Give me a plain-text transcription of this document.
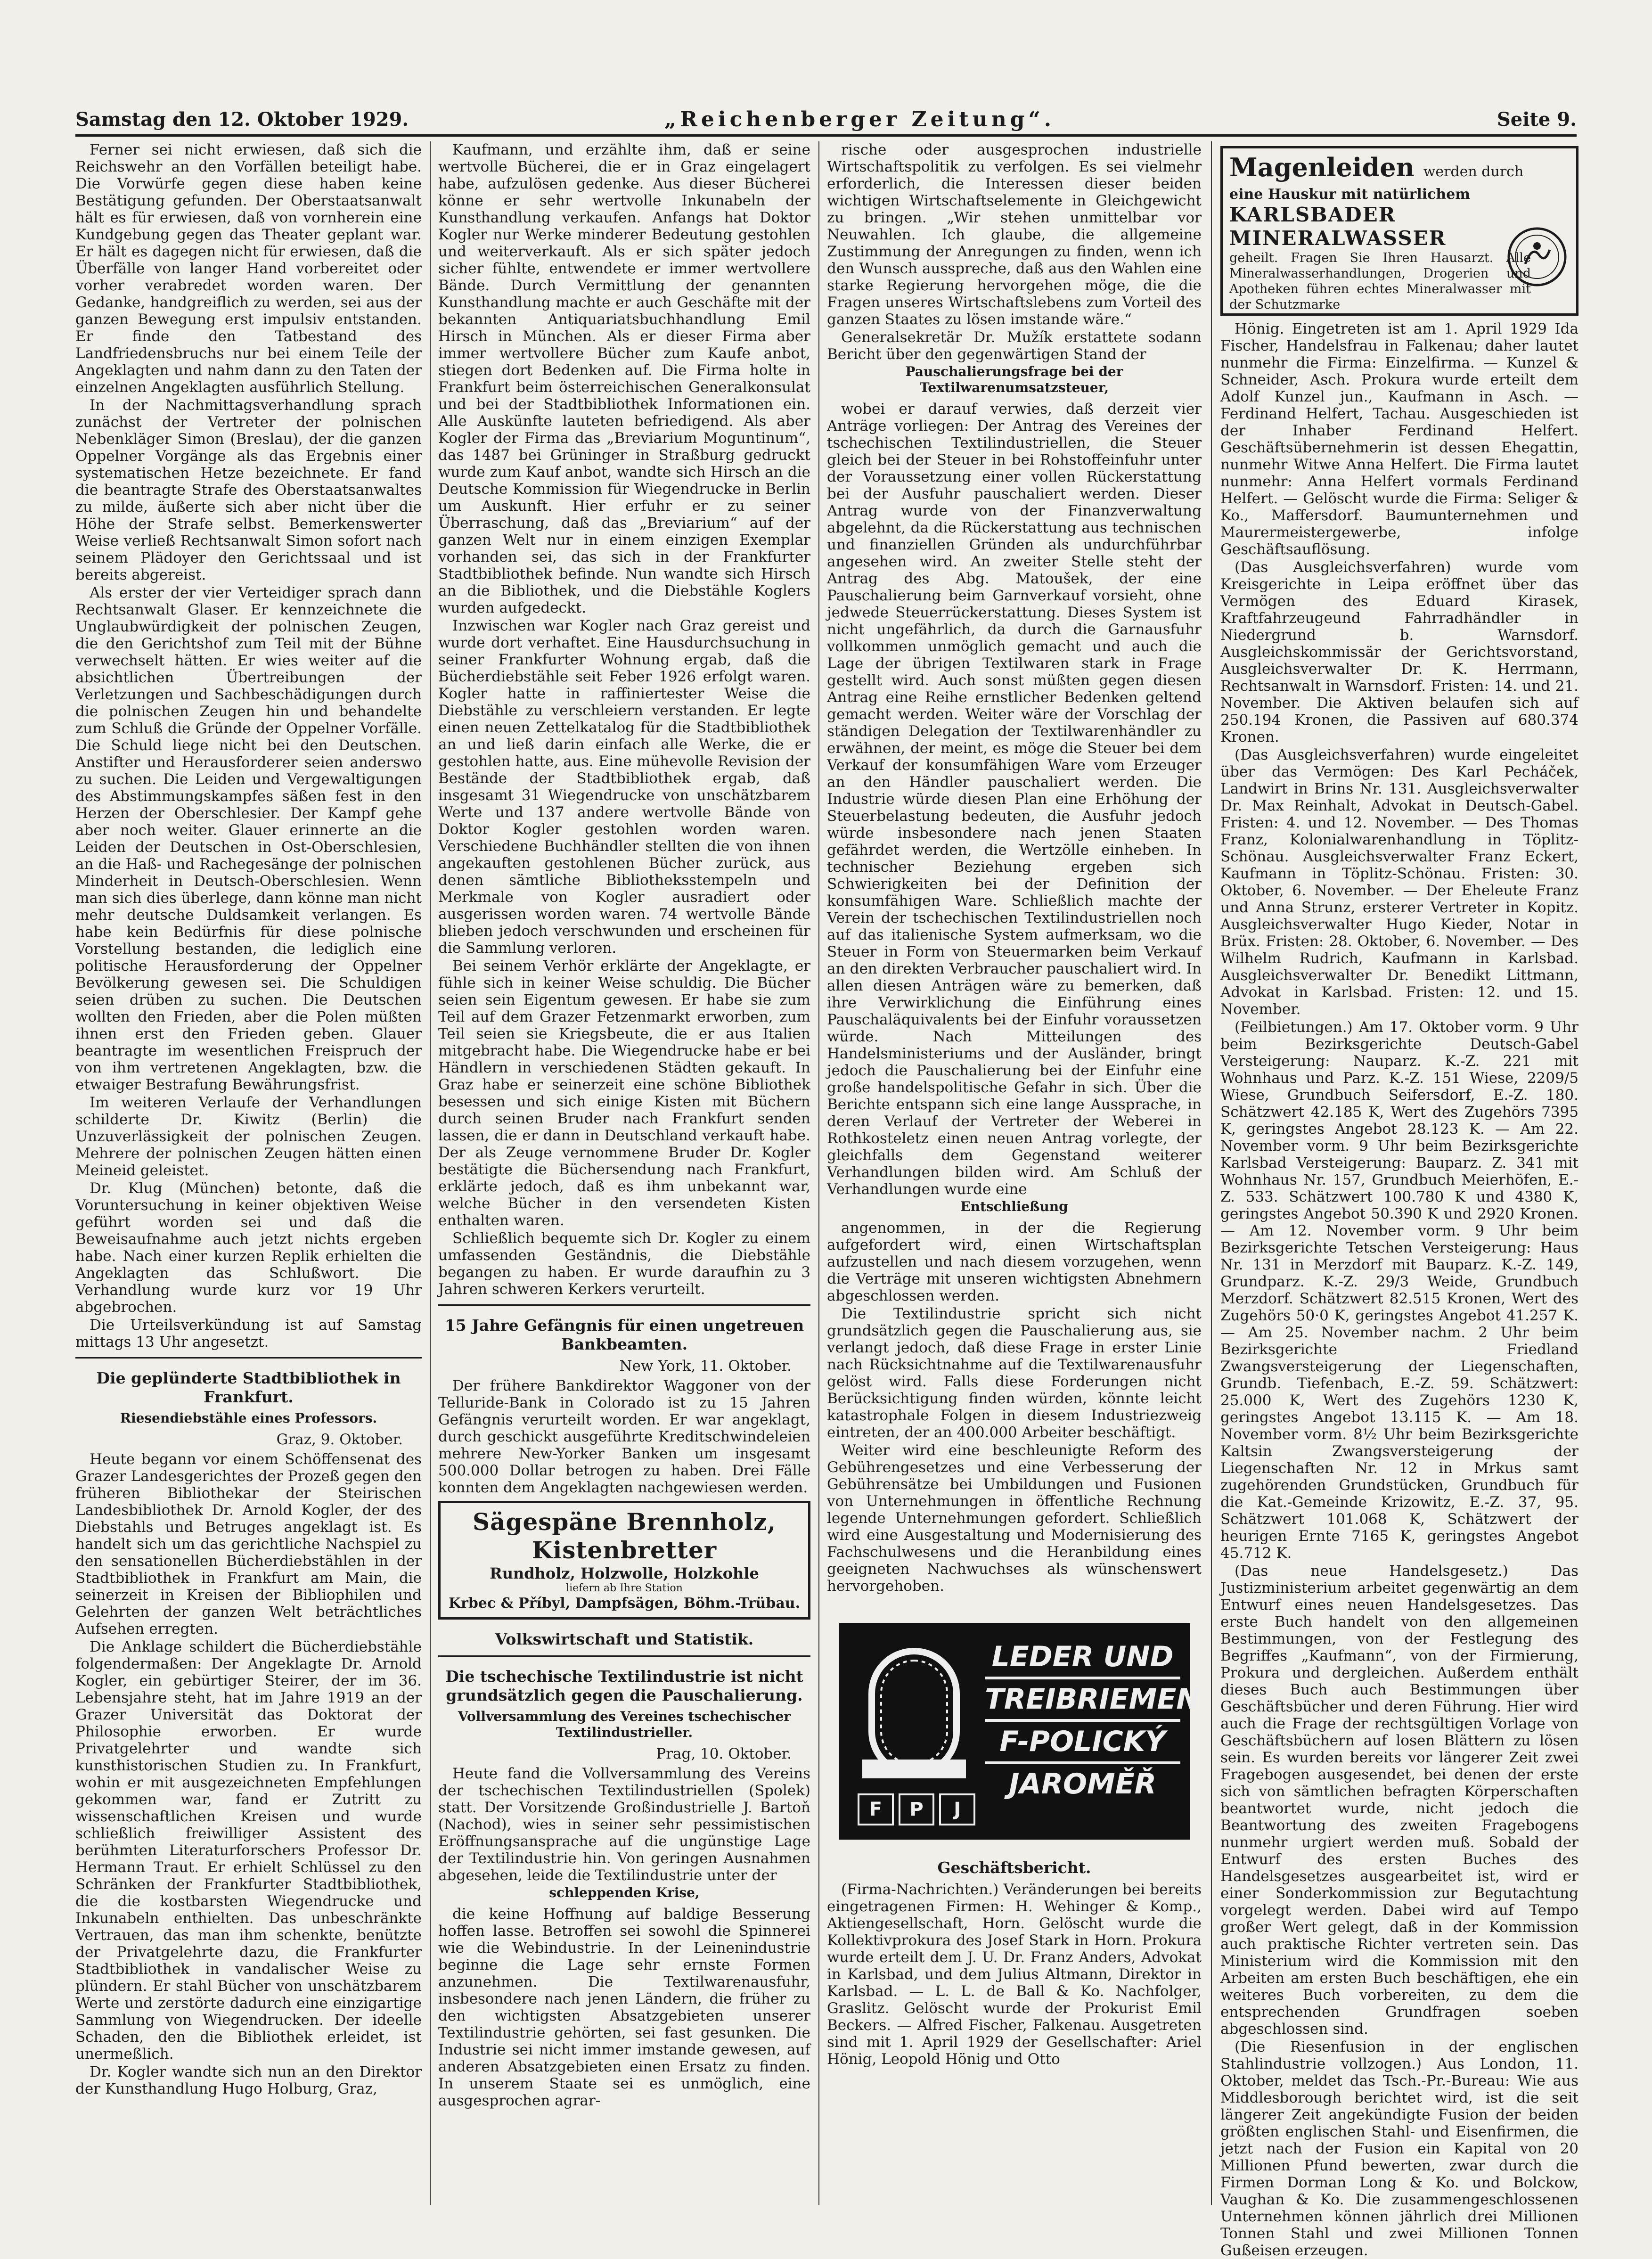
Samstag den 12. Oktober 1929.	„Reichenberger Zeitung“.	Seite 9.

Ferner sei nicht erwiesen, daß sich die Reichswehr an den Vorfällen beteiligt habe. Die Vorwürfe gegen diese haben keine Bestätigung gefunden. Der Oberstaatsanwalt hält es für erwiesen, daß von vornherein eine Kundgebung gegen das Theater geplant war. Er hält es dagegen nicht für erwiesen, daß die Überfälle von langer Hand vorbereitet oder vorher verabredet worden waren. Der Gedanke, handgreiflich zu werden, sei aus der ganzen Bewegung erst impulsiv entstanden. Er finde den Tatbestand des Landfriedensbruchs nur bei einem Teile der Angeklagten und nahm dann zu den Taten der einzelnen Angeklagten ausführlich Stellung.

In der Nachmittagsverhandlung sprach zunächst der Vertreter der polnischen Nebenkläger Simon (Breslau), der die ganzen Oppelner Vorgänge als das Ergebnis einer systematischen Hetze bezeichnete. Er fand die beantragte Strafe des Oberstaatsanwaltes zu milde, äußerte sich aber nicht über die Höhe der Strafe selbst. Bemerkenswerter Weise verließ Rechtsanwalt Simon sofort nach seinem Plädoyer den Gerichtssaal und ist bereits abgereist.

Als erster der vier Verteidiger sprach dann Rechtsanwalt Glaser. Er kennzeichnete die Unglaubwürdigkeit der polnischen Zeugen, die den Gerichtshof zum Teil mit der Bühne verwechselt hätten. Er wies weiter auf die absichtlichen Übertreibungen der Verletzungen und Sachbeschädigungen durch die polnischen Zeugen hin und behandelte zum Schluß die Gründe der Oppelner Vorfälle. Die Schuld liege nicht bei den Deutschen. Anstifter und Herausforderer seien anderswo zu suchen. Die Leiden und Vergewaltigungen des Abstimmungskampfes säßen fest in den Herzen der Oberschlesier. Der Kampf gehe aber noch weiter. Glauer erinnerte an die Leiden der Deutschen in Ost-Oberschlesien, an die Haß- und Rachegesänge der polnischen Minderheit in Deutsch-Oberschlesien. Wenn man sich dies überlege, dann könne man nicht mehr deutsche Duldsamkeit verlangen. Es habe kein Bedürfnis für diese polnische Vorstellung bestanden, die lediglich eine politische Herausforderung der Oppelner Bevölkerung gewesen sei. Die Schuldigen seien drüben zu suchen. Die Deutschen wollten den Frieden, aber die Polen müßten ihnen erst den Frieden geben. Glauer beantragte im wesentlichen Freispruch der von ihm vertretenen Angeklagten, bzw. die etwaiger Bestrafung Bewährungsfrist.

Im weiteren Verlaufe der Verhandlungen schilderte Dr. Kiwitz (Berlin) die Unzuverlässigkeit der polnischen Zeugen. Mehrere der polnischen Zeugen hätten einen Meineid geleistet.

Dr. Klug (München) betonte, daß die Voruntersuchung in keiner objektiven Weise geführt worden sei und daß die Beweisaufnahme auch jetzt nichts ergeben habe. Nach einer kurzen Replik erhielten die Angeklagten das Schlußwort. Die Verhandlung wurde kurz vor 19 Uhr abgebrochen.

Die Urteilsverkündung ist auf Samstag mittags 13 Uhr angesetzt.

Die geplünderte Stadtbibliothek in Frankfurt.
Riesendiebstähle eines Professors.
Graz, 9. Oktober.

Heute begann vor einem Schöffensenat des Grazer Landesgerichtes der Prozeß gegen den früheren Bibliothekar der Steirischen Landesbibliothek Dr. Arnold Kogler, der des Diebstahls und Betruges angeklagt ist. Es handelt sich um das gerichtliche Nachspiel zu den sensationellen Bücherdiebstählen in der Stadtbibliothek in Frankfurt am Main, die seinerzeit in Kreisen der Bibliophilen und Gelehrten der ganzen Welt beträchtliches Aufsehen erregten.

Die Anklage schildert die Bücherdiebstähle folgendermaßen: Der Angeklagte Dr. Arnold Kogler, ein gebürtiger Steirer, der im 36. Lebensjahre steht, hat im Jahre 1919 an der Grazer Universität das Doktorat der Philosophie erworben. Er wurde Privatgelehrter und wandte sich kunsthistorischen Studien zu. In Frankfurt, wohin er mit ausgezeichneten Empfehlungen gekommen war, fand er Zutritt zu wissenschaftlichen Kreisen und wurde schließlich freiwilliger Assistent des berühmten Literaturforschers Professor Dr. Hermann Traut. Er erhielt Schlüssel zu den Schränken der Frankfurter Stadtbibliothek, die die kostbarsten Wiegendrucke und Inkunabeln enthielten. Das unbeschränkte Vertrauen, das man ihm schenkte, benützte der Privatgelehrte dazu, die Frankfurter Stadtbibliothek in vandalischer Weise zu plündern. Er stahl Bücher von unschätzbarem Werte und zerstörte dadurch eine einzigartige Sammlung von Wiegendrucken. Der ideelle Schaden, den die Bibliothek erleidet, ist unermeßlich.

Dr. Kogler wandte sich nun an den Direktor der Kunsthandlung Hugo Holburg, Graz,

Kaufmann, und erzählte ihm, daß er seine wertvolle Bücherei, die er in Graz eingelagert habe, aufzulösen gedenke. Aus dieser Bücherei könne er sehr wertvolle Inkunabeln der Kunsthandlung verkaufen. Anfangs hat Doktor Kogler nur Werke minderer Bedeutung gestohlen und weiterverkauft. Als er sich später jedoch sicher fühlte, entwendete er immer wertvollere Bände. Durch Vermittlung der genannten Kunsthandlung machte er auch Geschäfte mit der bekannten Antiquariatsbuchhandlung Emil Hirsch in München. Als er dieser Firma aber immer wertvollere Bücher zum Kaufe anbot, stiegen dort Bedenken auf. Die Firma holte in Frankfurt beim österreichischen Generalkonsulat und bei der Stadtbibliothek Informationen ein. Alle Auskünfte lauteten befriedigend. Als aber Kogler der Firma das „Breviarium Moguntinum“, das 1487 bei Grüninger in Straßburg gedruckt wurde zum Kauf anbot, wandte sich Hirsch an die Deutsche Kommission für Wiegendrucke in Berlin um Auskunft. Hier erfuhr er zu seiner Überraschung, daß das „Breviarium“ auf der ganzen Welt nur in einem einzigen Exemplar vorhanden sei, das sich in der Frankfurter Stadtbibliothek befinde. Nun wandte sich Hirsch an die Bibliothek, und die Diebstähle Koglers wurden aufgedeckt.

Inzwischen war Kogler nach Graz gereist und wurde dort verhaftet. Eine Hausdurchsuchung in seiner Frankfurter Wohnung ergab, daß die Bücherdiebstähle seit Feber 1926 erfolgt waren. Kogler hatte in raffiniertester Weise die Diebstähle zu verschleiern verstanden. Er legte einen neuen Zettelkatalog für die Stadtbibliothek an und ließ darin einfach alle Werke, die er gestohlen hatte, aus. Eine mühevolle Revision der Bestände der Stadtbibliothek ergab, daß insgesamt 31 Wiegendrucke von unschätzbarem Werte und 137 andere wertvolle Bände von Doktor Kogler gestohlen worden waren. Verschiedene Buchhändler stellten die von ihnen angekauften gestohlenen Bücher zurück, aus denen sämtliche Bibliotheksstempeln und Merkmale von Kogler ausradiert oder ausgerissen worden waren. 74 wertvolle Bände blieben jedoch verschwunden und erscheinen für die Sammlung verloren.

Bei seinem Verhör erklärte der Angeklagte, er fühle sich in keiner Weise schuldig. Die Bücher seien sein Eigentum gewesen. Er habe sie zum Teil auf dem Grazer Fetzenmarkt erworben, zum Teil seien sie Kriegsbeute, die er aus Italien mitgebracht habe. Die Wiegendrucke habe er bei Händlern in verschiedenen Städten gekauft. In Graz habe er seinerzeit eine schöne Bibliothek besessen und sich einige Kisten mit Büchern durch seinen Bruder nach Frankfurt senden lassen, die er dann in Deutschland verkauft habe. Der als Zeuge vernommene Bruder Dr. Kogler bestätigte die Büchersendung nach Frankfurt, erklärte jedoch, daß es ihm unbekannt war, welche Bücher in den versendeten Kisten enthalten waren.

Schließlich bequemte sich Dr. Kogler zu einem umfassenden Geständnis, die Diebstähle begangen zu haben. Er wurde daraufhin zu 3 Jahren schweren Kerkers verurteilt.

15 Jahre Gefängnis für einen ungetreuen Bankbeamten.
New York, 11. Oktober.

Der frühere Bankdirektor Waggoner von der Telluride-Bank in Colorado ist zu 15 Jahren Gefängnis verurteilt worden. Er war angeklagt, durch geschickt ausgeführte Kreditschwindeleien mehrere New-Yorker Banken um insgesamt 500.000 Dollar betrogen zu haben. Drei Fälle konnten dem Angeklagten nachgewiesen werden.

Sägespäne Brennholz, Kistenbretter
Rundholz, Holzwolle, Holzkohle
liefern ab Ihre Station
Krbec & Příbyl, Dampfsägen, Böhm.-Trübau.
Volkswirtschaft und Statistik.
Die tschechische Textilindustrie ist nicht grundsätzlich gegen die Pauschalierung.
Vollversammlung des Vereines tschechischer Textilindustrieller.
Prag, 10. Oktober.

Heute fand die Vollversammlung des Vereins der tschechischen Textilindustriellen (Spolek) statt. Der Vorsitzende Großindustrielle J. Bartoň (Nachod), wies in seiner sehr pessimistischen Eröffnungsansprache auf die ungünstige Lage der Textilindustrie hin. Von geringen Ausnahmen abgesehen, leide die Textilindustrie unter der

schleppenden Krise,

die keine Hoffnung auf baldige Besserung hoffen lasse. Betroffen sei sowohl die Spinnerei wie die Webindustrie. In der Leinenindustrie beginne die Lage sehr ernste Formen anzunehmen. Die Textilwarenausfuhr, insbesondere nach jenen Ländern, die früher zu den wichtigsten Absatzgebieten unserer Textilindustrie gehörten, sei fast gesunken. Die Industrie sei nicht immer imstande gewesen, auf anderen Absatzgebieten einen Ersatz zu finden. In unserem Staate sei es unmöglich, eine ausgesprochen agrar-

rische oder ausgesprochen industrielle Wirtschaftspolitik zu verfolgen. Es sei vielmehr erforderlich, die Interessen dieser beiden wichtigen Wirtschaftselemente in Gleichgewicht zu bringen. „Wir stehen unmittelbar vor Neuwahlen. Ich glaube, die allgemeine Zustimmung der Anregungen zu finden, wenn ich den Wunsch ausspreche, daß aus den Wahlen eine starke Regierung hervorgehen möge, die die Fragen unseres Wirtschaftslebens zum Vorteil des ganzen Staates zu lösen imstande wäre.“

Generalsekretär Dr. Mužík erstattete sodann Bericht über den gegenwärtigen Stand der

Pauschalierungsfrage bei der Textilwarenumsatzsteuer,

wobei er darauf verwies, daß derzeit vier Anträge vorliegen: Der Antrag des Vereines der tschechischen Textilindustriellen, die Steuer gleich bei der Steuer in bei Rohstoffeinfuhr unter der Voraussetzung einer vollen Rückerstattung bei der Ausfuhr pauschaliert werden. Dieser Antrag wurde von der Finanzverwaltung abgelehnt, da die Rückerstattung aus technischen und finanziellen Gründen als undurchführbar angesehen wird. An zweiter Stelle steht der Antrag des Abg. Matoušek, der eine Pauschalierung beim Garnverkauf vorsieht, ohne jedwede Steuerrückerstattung. Dieses System ist nicht ungefährlich, da durch die Garnausfuhr vollkommen unmöglich gemacht und auch die Lage der übrigen Textilwaren stark in Frage gestellt wird. Auch sonst müßten gegen diesen Antrag eine Reihe ernstlicher Bedenken geltend gemacht werden. Weiter wäre der Vorschlag der ständigen Delegation der Textilwarenhändler zu erwähnen, der meint, es möge die Steuer bei dem Verkauf der konsumfähigen Ware vom Erzeuger an den Händler pauschaliert werden. Die Industrie würde diesen Plan eine Erhöhung der Steuerbelastung bedeuten, die Ausfuhr jedoch würde insbesondere nach jenen Staaten gefährdet werden, die Wertzölle einheben. In technischer Beziehung ergeben sich Schwierigkeiten bei der Definition der konsumfähigen Ware. Schließlich machte der Verein der tschechischen Textilindustriellen noch auf das italienische System aufmerksam, wo die Steuer in Form von Steuermarken beim Verkauf an den direkten Verbraucher pauschaliert wird. In allen diesen Anträgen wäre zu bemerken, daß ihre Verwirklichung die Einführung eines Pauschaläquivalents bei der Einfuhr voraussetzen würde. Nach Mitteilungen des Handelsministeriums und der Ausländer, bringt jedoch die Pauschalierung bei der Einfuhr eine große handelspolitische Gefahr in sich. Über die Berichte entspann sich eine lange Aussprache, in deren Verlauf der Vertreter der Weberei in Rothkosteletz einen neuen Antrag vorlegte, der gleichfalls dem Gegenstand weiterer Verhandlungen bilden wird. Am Schluß der Verhandlungen wurde eine

Entschließung

angenommen, in der die Regierung aufgefordert wird, einen Wirtschaftsplan aufzustellen und nach diesem vorzugehen, wenn die Verträge mit unseren wichtigsten Abnehmern abgeschlossen werden.

Die Textilindustrie spricht sich nicht grundsätzlich gegen die Pauschalierung aus, sie verlangt jedoch, daß diese Frage in erster Linie nach Rücksichtnahme auf die Textilwarenausfuhr gelöst wird. Falls diese Forderungen nicht Berücksichtigung finden würden, könnte leicht katastrophale Folgen in diesem Industriezweig eintreten, der an 400.000 Arbeiter beschäftigt.

Weiter wird eine beschleunigte Reform des Gebührengesetzes und eine Verbesserung der Gebührensätze bei Umbildungen und Fusionen von Unternehmungen in öffentliche Rechnung legende Unternehmungen gefordert. Schließlich wird eine Ausgestaltung und Modernisierung des Fachschulwesens und die Heranbildung eines geeigneten Nachwuchses als wünschenswert hervorgehoben.

LEDER UND
TREIBRIEMEN
F-POLICKÝ
JAROMĚŘ
F	P	J
Geschäftsbericht.

(Firma-Nachrichten.) Veränderungen bei bereits eingetragenen Firmen: H. Wehinger & Komp., Aktiengesellschaft, Horn. Gelöscht wurde die Kollektivprokura des Josef Stark in Horn. Prokura wurde erteilt dem J. U. Dr. Franz Anders, Advokat in Karlsbad, und dem Julius Altmann, Direktor in Karlsbad. — L. L. de Ball & Ko. Nachfolger, Graslitz. Gelöscht wurde der Prokurist Emil Beckers. — Alfred Fischer, Falkenau. Ausgetreten sind mit 1. April 1929 der Gesellschafter: Ariel Hönig, Leopold Hönig und Otto

Magenleiden werden durch
eine Hauskur mit natürlichem
KARLSBADER MINERALWASSER
geheilt. Fragen Sie Ihren Hausarzt. Alle Mineralwasserhandlungen, Drogerien und Apotheken führen echtes Mineralwasser mit der Schutzmarke

Hönig. Eingetreten ist am 1. April 1929 Ida Fischer, Handelsfrau in Falkenau; daher lautet nunmehr die Firma: Einzelfirma. — Kunzel & Schneider, Asch. Prokura wurde erteilt dem Adolf Kunzel jun., Kaufmann in Asch. — Ferdinand Helfert, Tachau. Ausgeschieden ist der Inhaber Ferdinand Helfert. Geschäftsübernehmerin ist dessen Ehegattin, nunmehr Witwe Anna Helfert. Die Firma lautet nunmehr: Anna Helfert vormals Ferdinand Helfert. — Gelöscht wurde die Firma: Seliger & Ko., Maffersdorf. Baumunternehmen und Maurermeistergewerbe, infolge Geschäftsauflösung.

(Das Ausgleichsverfahren) wurde vom Kreisgerichte in Leipa eröffnet über das Vermögen des Eduard Kirasek, Kraftfahrzeugeund Fahrradhändler in Niedergrund b. Warnsdorf. Ausgleichskommissär der Gerichtsvorstand, Ausgleichsverwalter Dr. K. Herrmann, Rechtsanwalt in Warnsdorf. Fristen: 14. und 21. November. Die Aktiven belaufen sich auf 250.194 Kronen, die Passiven auf 680.374 Kronen.

(Das Ausgleichsverfahren) wurde eingeleitet über das Vermögen: Des Karl Pecháček, Landwirt in Brins Nr. 131. Ausgleichsverwalter Dr. Max Reinhalt, Advokat in Deutsch-Gabel. Fristen: 4. und 12. November. — Des Thomas Franz, Kolonialwarenhandlung in Töplitz-Schönau. Ausgleichsverwalter Franz Eckert, Kaufmann in Töplitz-Schönau. Fristen: 30. Oktober, 6. November. — Der Eheleute Franz und Anna Strunz, ersterer Vertreter in Kopitz. Ausgleichsverwalter Hugo Kieder, Notar in Brüx. Fristen: 28. Oktober, 6. November. — Des Wilhelm Rudrich, Kaufmann in Karlsbad. Ausgleichsverwalter Dr. Benedikt Littmann, Advokat in Karlsbad. Fristen: 12. und 15. November.

(Feilbietungen.) Am 17. Oktober vorm. 9 Uhr beim Bezirksgerichte Deutsch-Gabel Versteigerung: Nauparz. K.-Z. 221 mit Wohnhaus und Parz. K.-Z. 151 Wiese, 2209/5 Wiese, Grundbuch Seifersdorf, E.-Z. 180. Schätzwert 42.185 K, Wert des Zugehörs 7395 K, geringstes Angebot 28.123 K. — Am 22. November vorm. 9 Uhr beim Bezirksgerichte Karlsbad Versteigerung: Bauparz. Z. 341 mit Wohnhaus Nr. 157, Grundbuch Meierhöfen, E.-Z. 533. Schätzwert 100.780 K und 4380 K, geringstes Angebot 50.390 K und 2920 Kronen. — Am 12. November vorm. 9 Uhr beim Bezirksgerichte Tetschen Versteigerung: Haus Nr. 131 in Merzdorf mit Bauparz. K.-Z. 149, Grundparz. K.-Z. 29/3 Weide, Grundbuch Merzdorf. Schätzwert 82.515 Kronen, Wert des Zugehörs 50·0 K, geringstes Angebot 41.257 K. — Am 25. November nachm. 2 Uhr beim Bezirksgerichte Friedland Zwangsversteigerung der Liegenschaften, Grundb. Tiefenbach, E.-Z. 59. Schätzwert: 25.000 K, Wert des Zugehörs 1230 K, geringstes Angebot 13.115 K. — Am 18. November vorm. 8½ Uhr beim Bezirksgerichte Kaltsin Zwangsversteigerung der Liegenschaften Nr. 12 in Mrkus samt zugehörenden Grundstücken, Grundbuch für die Kat.-Gemeinde Krizowitz, E.-Z. 37, 95. Schätzwert 101.068 K, Schätzwert der heurigen Ernte 7165 K, geringstes Angebot 45.712 K.

(Das neue Handelsgesetz.) Das Justizministerium arbeitet gegenwärtig an dem Entwurf eines neuen Handelsgesetzes. Das erste Buch handelt von den allgemeinen Bestimmungen, von der Festlegung des Begriffes „Kaufmann“, von der Firmierung, Prokura und dergleichen. Außerdem enthält dieses Buch auch Bestimmungen über Geschäftsbücher und deren Führung. Hier wird auch die Frage der rechtsgültigen Vorlage von Geschäftsbüchern auf losen Blättern zu lösen sein. Es wurden bereits vor längerer Zeit zwei Fragebogen ausgesendet, bei denen der erste sich von sämtlichen befragten Körperschaften beantwortet wurde, nicht jedoch die Beantwortung des zweiten Fragebogens nunmehr urgiert werden muß. Sobald der Entwurf des ersten Buches des Handelsgesetzes ausgearbeitet ist, wird er einer Sonderkommission zur Begutachtung vorgelegt werden. Dabei wird auf Tempo großer Wert gelegt, daß in der Kommission auch praktische Richter vertreten sein. Das Ministerium wird die Kommission mit den Arbeiten am ersten Buch beschäftigen, ehe ein weiteres Buch vorbereiten, zu dem die entsprechenden Grundfragen soeben abgeschlossen sind.

(Die Riesenfusion in der englischen Stahlindustrie vollzogen.) Aus London, 11. Oktober, meldet das Tsch.-Pr.-Bureau: Wie aus Middlesborough berichtet wird, ist die seit längerer Zeit angekündigte Fusion der beiden größten englischen Stahl- und Eisenfirmen, die jetzt nach der Fusion ein Kapital von 20 Millionen Pfund bewerten, zwar durch die Firmen Dorman Long & Ko. und Bolckow, Vaughan & Ko. Die zusammengeschlossenen Unternehmen können jährlich drei Millionen Tonnen Stahl und zwei Millionen Tonnen Gußeisen erzeugen.
